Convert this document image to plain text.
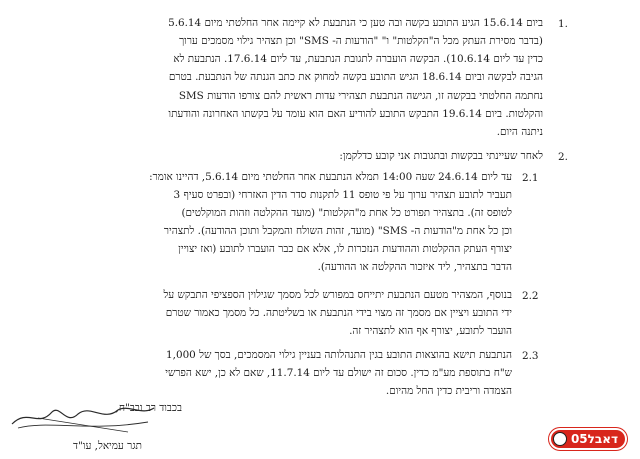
1.
ביום 15.6.14 הגיע התובע בקשה ובה טען כי הנתבעת לא קיימה אחר החלטתי מיום 5.6.14
(בדבר מסירת העתק מכל ה"הקלטות" ו" "הודעות ה- SMS" וכן תצהיר גילוי מסמכים ערוך
כדין עד ליום 10.6.14). הבקשה הועברה לתגובת הנתבעת, עד ליום 17.6.14. הנתבעת לא
הגיבה לבקשה וביום 18.6.14 הגיש התובע בקשה למחוק את כתב הגנתה של הנתבעת. בטרם
נחתמה החלטתי בבקשה זו, הגישה הנתבעת תצהירי עדות ראשית להם צורפו הודעות SMS
והקלטות. ביום 19.6.14 התבקש התובע להודיע האם הוא עומד על בקשתו האחרונה והודעתו
ניתנה היום.
2.
לאחר שעיינתי בבקשות ובתגובות אני קובע כדלקמן:
2.1
עד ליום 24.6.14 שעה 14:00 תמלא הנתבעת אחר החלטתי מיום 5.6.14, דהיינו אומר:
תעביר לתובע תצהיר ערוך על פי טופס 11 לתקנות סדר הדין האזרחי (ובפרט סעיף 3
לטופס זה). בתצהיר תפורט כל אחת מ"הקלטות" (מועד ההקלטה וזהות המוקלטים)
וכן כל אחת מ"הודעות ה- SMS" (מועד, זהות השולח והמקבל ותוכן ההודעה). לתצהיר
יצורף העתק ההקלטות וההודעות הנזכרות לו, אלא אם כבר הועברו לתובע (ואז יצויין
הדבר בתצהיר, ליד איזכור ההקלטה או ההודעה).
2.2
בנוסף, המצהיר מטעם הנתבעת יתייחס במפורש לכל מסמך שגילוין הספציפי התבקש על
ידי התובע ויציין אם מסמך זה מצוי בידי הנתבעת או בשליטתה. כל מסמך כאמור שטרם
הועבר לתובע, יצורף אף הוא לתצהיר זה.
2.3
הנתבעת תישא בהוצאות התובע בגין התנהלותה בעניין גילוי המסמכים, בסך של 1,000
ש"ח בתוספת מע"מ כדין. סכום זה ישולם עד ליום 11.7.14, שאם לא כן, ישא הפרשי
הצמדה וריבית כדין החל מהיום.
בכבוד רב ובב"ח,
תגר עמיאל, עו"ד	דאבל05
